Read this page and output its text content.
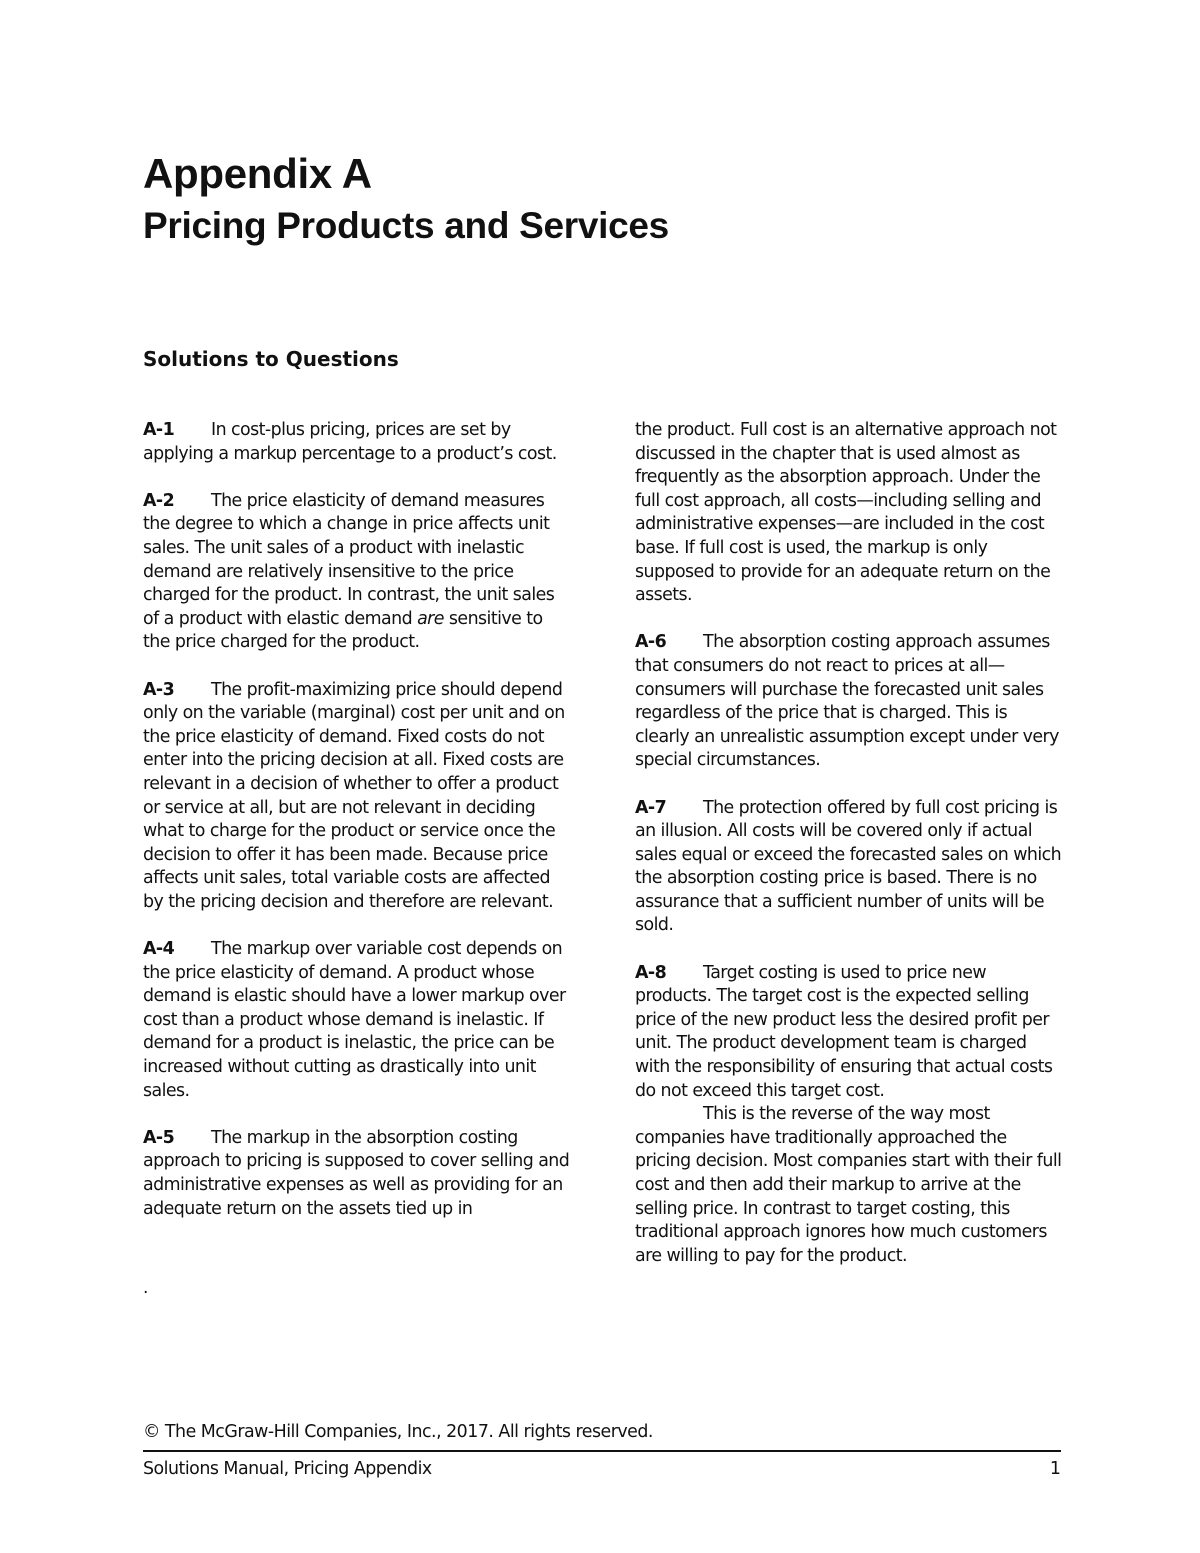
Appendix A
Pricing Products and Services
Solutions to Questions

A-1 In cost-plus pricing, prices are set by applying a markup percentage to a product’s cost.

A-2 The price elasticity of demand measures the degree to which a change in price affects unit sales. The unit sales of a product with inelastic demand are relatively insensitive to the price charged for the product. In contrast, the unit sales of a product with elastic demand are sensitive to the price charged for the product.

A-3 The profit-maximizing price should depend only on the variable (marginal) cost per unit and on the price elasticity of demand. Fixed costs do not enter into the pricing decision at all. Fixed costs are relevant in a decision of whether to offer a product or service at all, but are not relevant in deciding what to charge for the product or service once the decision to offer it has been made. Because price affects unit sales, total variable costs are affected by the pricing decision and therefore are relevant.

A-4 The markup over variable cost depends on the price elasticity of demand. A product whose demand is elastic should have a lower markup over cost than a product whose demand is inelastic. If demand for a product is inelastic, the price can be increased without cutting as drastically into unit sales.

A-5 The markup in the absorption costing approach to pricing is supposed to cover selling and administrative expenses as well as providing for an adequate return on the assets tied up in

.

the product. Full cost is an alternative approach not discussed in the chapter that is used almost as frequently as the absorption approach. Under the full cost approach, all costs—including selling and administrative expenses—are included in the cost base. If full cost is used, the markup is only supposed to provide for an adequate return on the assets.

A-6 The absorption costing approach assumes that consumers do not react to prices at all—consumers will purchase the forecasted unit sales regardless of the price that is charged. This is clearly an unrealistic assumption except under very special circumstances.

A-7 The protection offered by full cost pricing is an illusion. All costs will be covered only if actual sales equal or exceed the forecasted sales on which the absorption costing price is based. There is no assurance that a sufficient number of units will be sold.

A-8 Target costing is used to price new products. The target cost is the expected selling price of the new product less the desired profit per unit. The product development team is charged with the responsibility of ensuring that actual costs do not exceed this target cost.

This is the reverse of the way most companies have traditionally approached the pricing decision. Most companies start with their full cost and then add their markup to arrive at the selling price. In contrast to target costing, this traditional approach ignores how much customers are willing to pay for the product.

© The McGraw-Hill Companies, Inc., 2017. All rights reserved.
Solutions Manual, Pricing Appendix	1
